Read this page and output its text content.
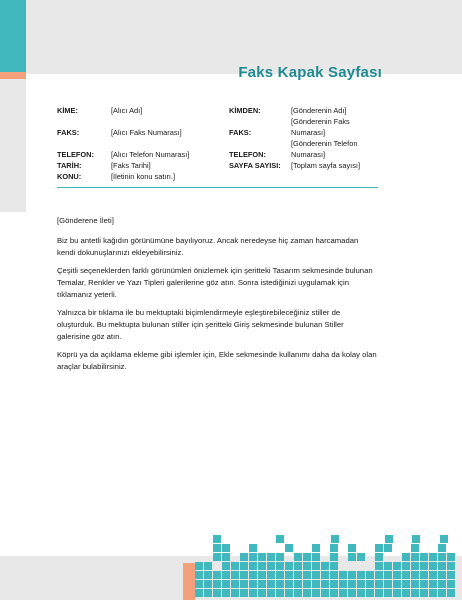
Faks Kapak Sayfası
KİME:	[Alıcı Adı]
FAKS:	[Alıcı Faks Numarası]
TELEFON: [Alıcı Telefon Numarası]
TARİH:	[Faks Tarihi]
KONU:	[İletinin konu satırı.]
KİMDEN:	[Gönderenin Adı]
FAKS:
[Gönderenin Faks Numarası]
TELEFON:
[Gönderenin Telefon Numarası]
SAYFA SAYISI: [Toplam sayfa sayısı]

[Gönderene İleti]

Biz bu antetli kağıdın görünümüne bayılıyoruz. Ancak neredeyse hiç zaman harcamadan kendi dokunuşlarınızı ekleyebilirsiniz.

Çeşitli seçeneklerden farklı görünümleri önizlemek için şeritteki Tasarım sekmesinde bulunan Temalar, Renkler ve Yazı Tipleri galerilerine göz atın. Sonra istediğinizi uygulamak için tıklamanız yeterli.

Yalnızca bir tıklama ile bu mektuptaki biçimlendirmeyle eşleştirebileceğiniz stiller de oluşturduk. Bu mektupta bulunan stiller için şeritteki Giriş sekmesinde bulunan Stiller galerisine göz atın.

Köprü ya da açıklama ekleme gibi işlemler için, Ekle sekmesinde kullanımı daha da kolay olan araçlar bulabilirsiniz.
